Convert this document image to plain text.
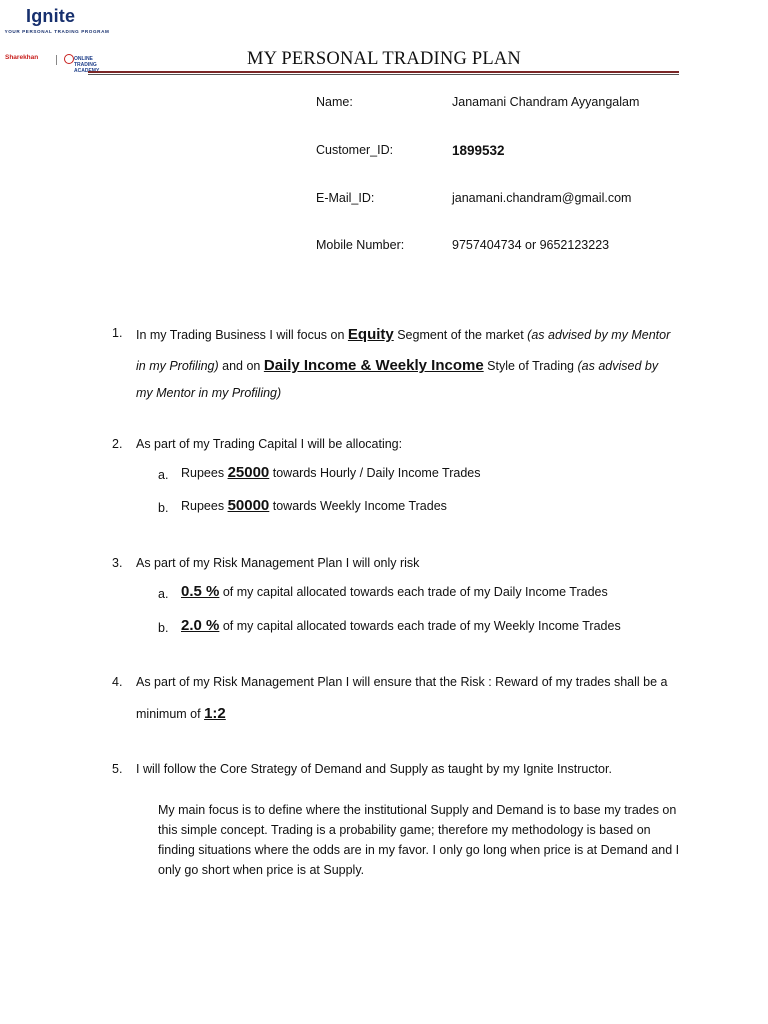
Ignite
YOUR PERSONAL TRADING PROGRAM
Sharekhan	ONLINE TRADING ACADEMY
MY PERSONAL TRADING PLAN
Name:	Janamani Chandram Ayyangalam
Customer_ID:	1899532
E-Mail_ID:	janamani.chandram@gmail.com
Mobile Number:	9757404734 or 9652123223
1. In my Trading Business I will focus on Equity Segment of the market (as advised by my Mentor
in my Profiling) and on Daily Income & Weekly Income Style of Trading (as advised by
my Mentor in my Profiling)
2. As part of my Trading Capital I will be allocating:
a. Rupees 25000 towards Hourly / Daily Income Trades
b. Rupees 50000 towards Weekly Income Trades
3. As part of my Risk Management Plan I will only risk
a. 0.5 % of my capital allocated towards each trade of my Daily Income Trades
b. 2.0 % of my capital allocated towards each trade of my Weekly Income Trades
4. As part of my Risk Management Plan I will ensure that the Risk : Reward of my trades shall be a
minimum of 1:2
5. I will follow the Core Strategy of Demand and Supply as taught by my Ignite Instructor.
My main focus is to define where the institutional Supply and Demand is to base my trades on this simple concept. Trading is a probability game; therefore my methodology is based on finding situations where the odds are in my favor. I only go long when price is at Demand and I only go short when price is at Supply.
